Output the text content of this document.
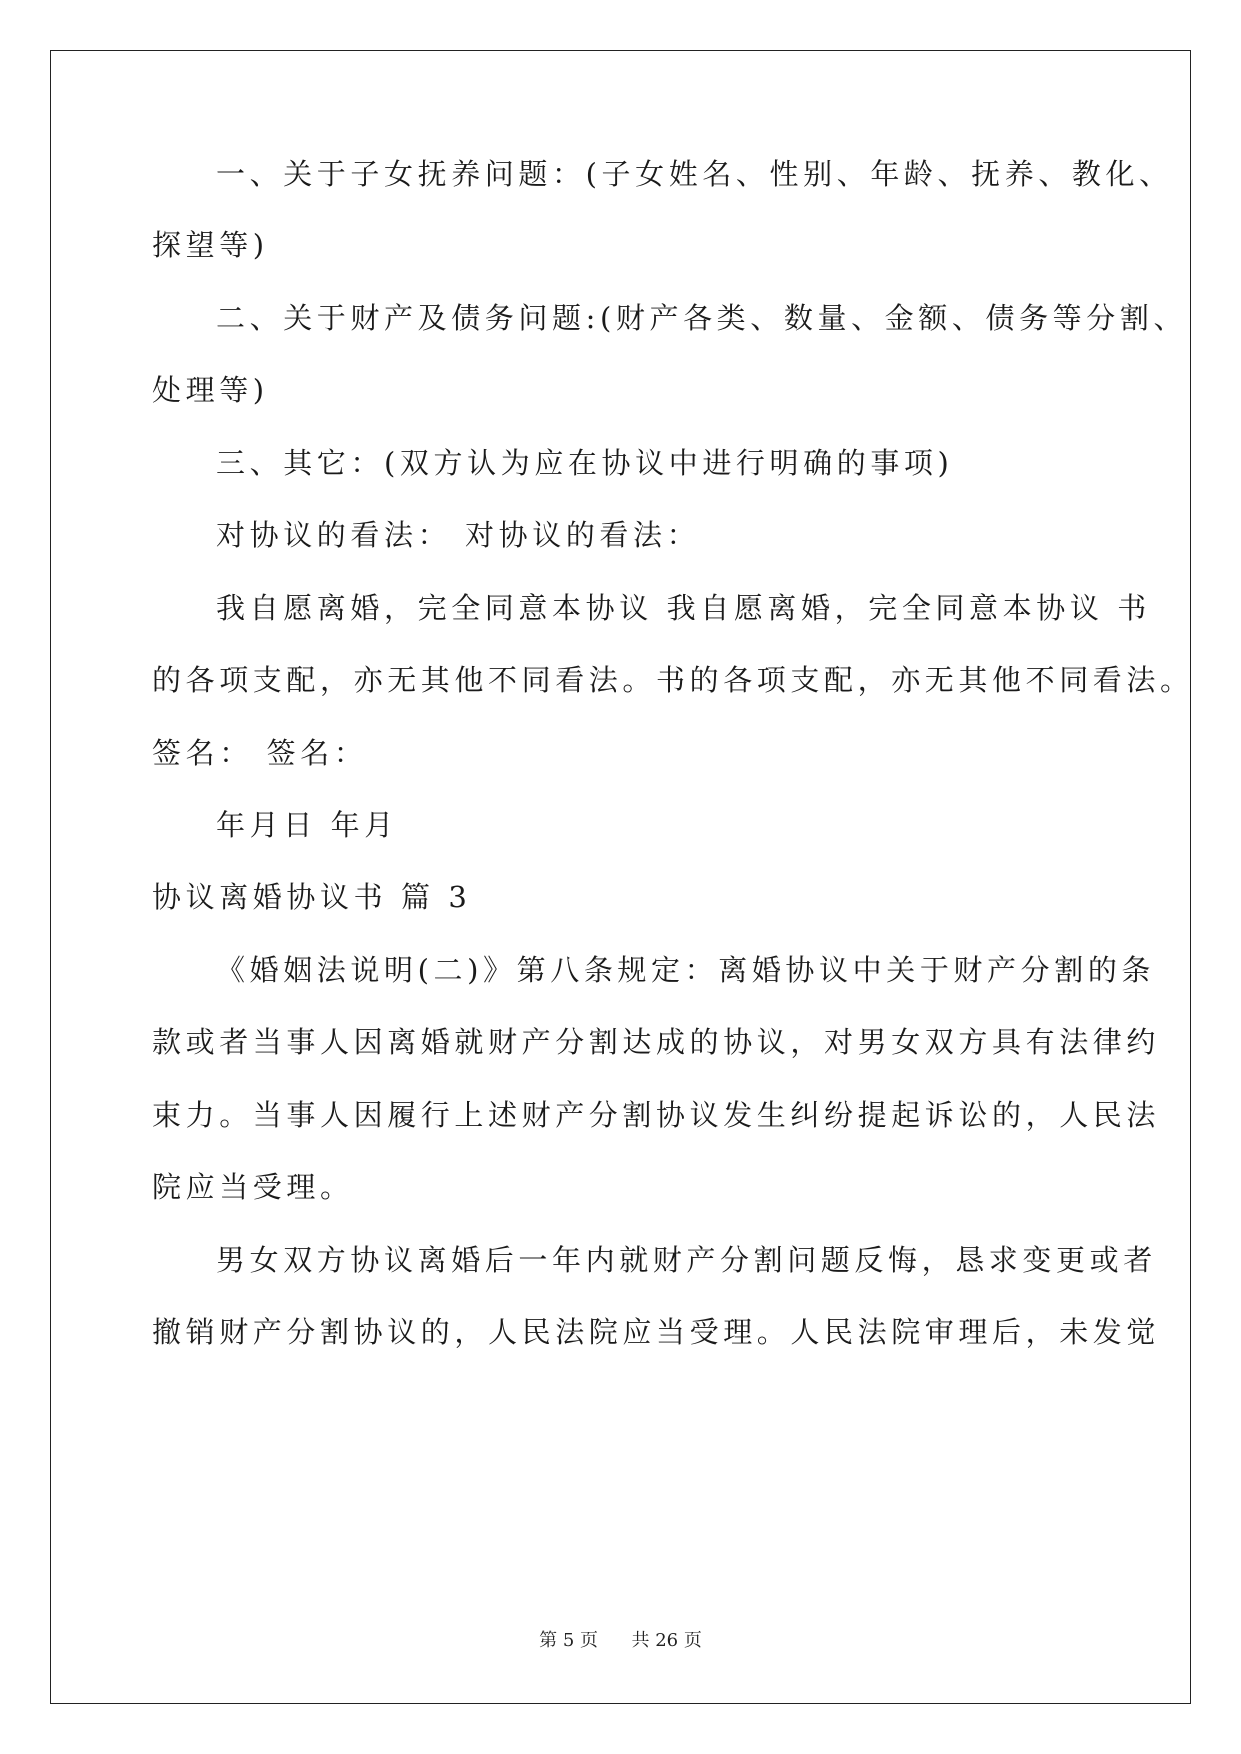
一、关于子女抚养问题：(子女姓名、性别、年龄、抚养、教化、
探望等)
二、关于财产及债务问题:(财产各类、数量、金额、债务等分割、
处理等)
三、其它：(双方认为应在协议中进行明确的事项)
对协议的看法： 对协议的看法：
我自愿离婚，完全同意本协议 我自愿离婚，完全同意本协议 书
的各项支配，亦无其他不同看法。书的各项支配，亦无其他不同看法。
签名： 签名：
年月日 年月
协议离婚协议书 篇 3
《婚姻法说明(二)》第八条规定：离婚协议中关于财产分割的条
款或者当事人因离婚就财产分割达成的协议，对男女双方具有法律约
束力。当事人因履行上述财产分割协议发生纠纷提起诉讼的，人民法
院应当受理。
男女双方协议离婚后一年内就财产分割问题反悔，恳求变更或者
撤销财产分割协议的，人民法院应当受理。人民法院审理后，未发觉
第 5 页 共 26 页
